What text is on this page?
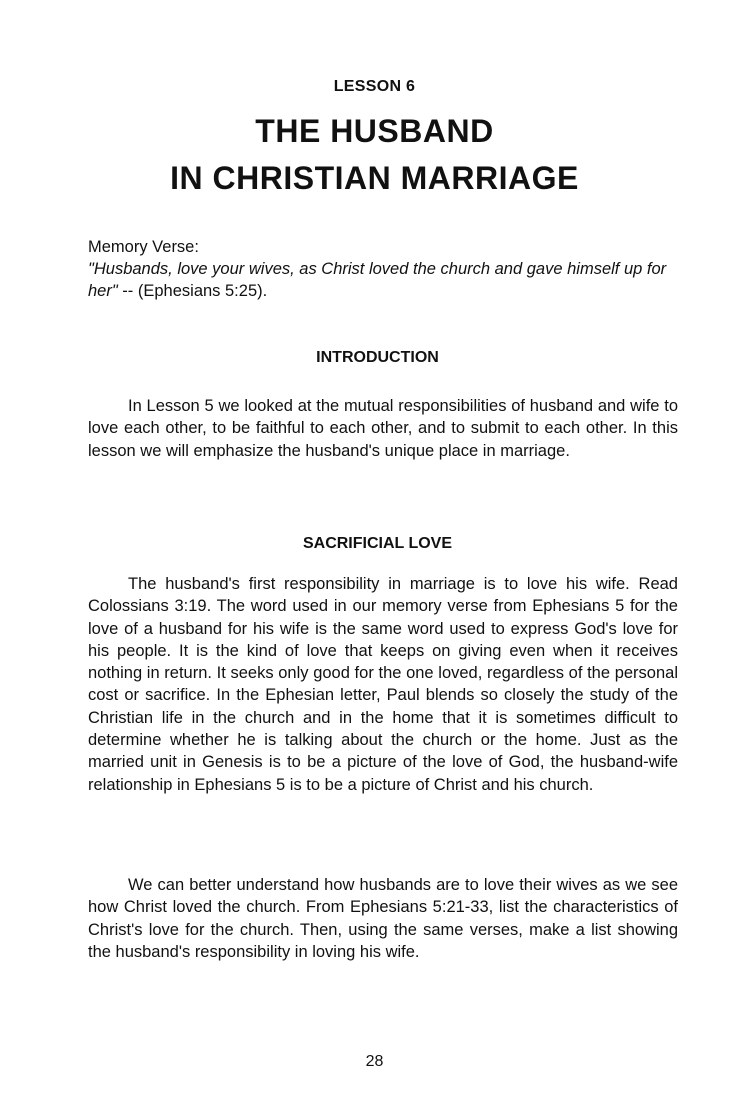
LESSON 6
THE HUSBAND
IN CHRISTIAN MARRIAGE
Memory Verse:
"Husbands, love your wives, as Christ loved the church and gave himself up for her" -- (Ephesians 5:25).
INTRODUCTION

In Lesson 5 we looked at the mutual responsibilities of husband and wife to love each other, to be faithful to each other, and to submit to each other. In this lesson we will emphasize the husband's unique place in marriage.

SACRIFICIAL LOVE

The husband's first responsibility in marriage is to love his wife. Read Colossians 3:19. The word used in our memory verse from Ephesians 5 for the love of a husband for his wife is the same word used to express God's love for his people. It is the kind of love that keeps on giving even when it receives nothing in return. It seeks only good for the one loved, regardless of the personal cost or sacrifice. In the Ephesian letter, Paul blends so closely the study of the Christian life in the church and in the home that it is sometimes difficult to determine whether he is talking about the church or the home. Just as the married unit in Genesis is to be a picture of the love of God, the husband-wife relationship in Ephesians 5 is to be a picture of Christ and his church.

We can better understand how husbands are to love their wives as we see how Christ loved the church. From Ephesians 5:21-33, list the characteristics of Christ's love for the church. Then, using the same verses, make a list showing the husband's responsibility in loving his wife.

28
